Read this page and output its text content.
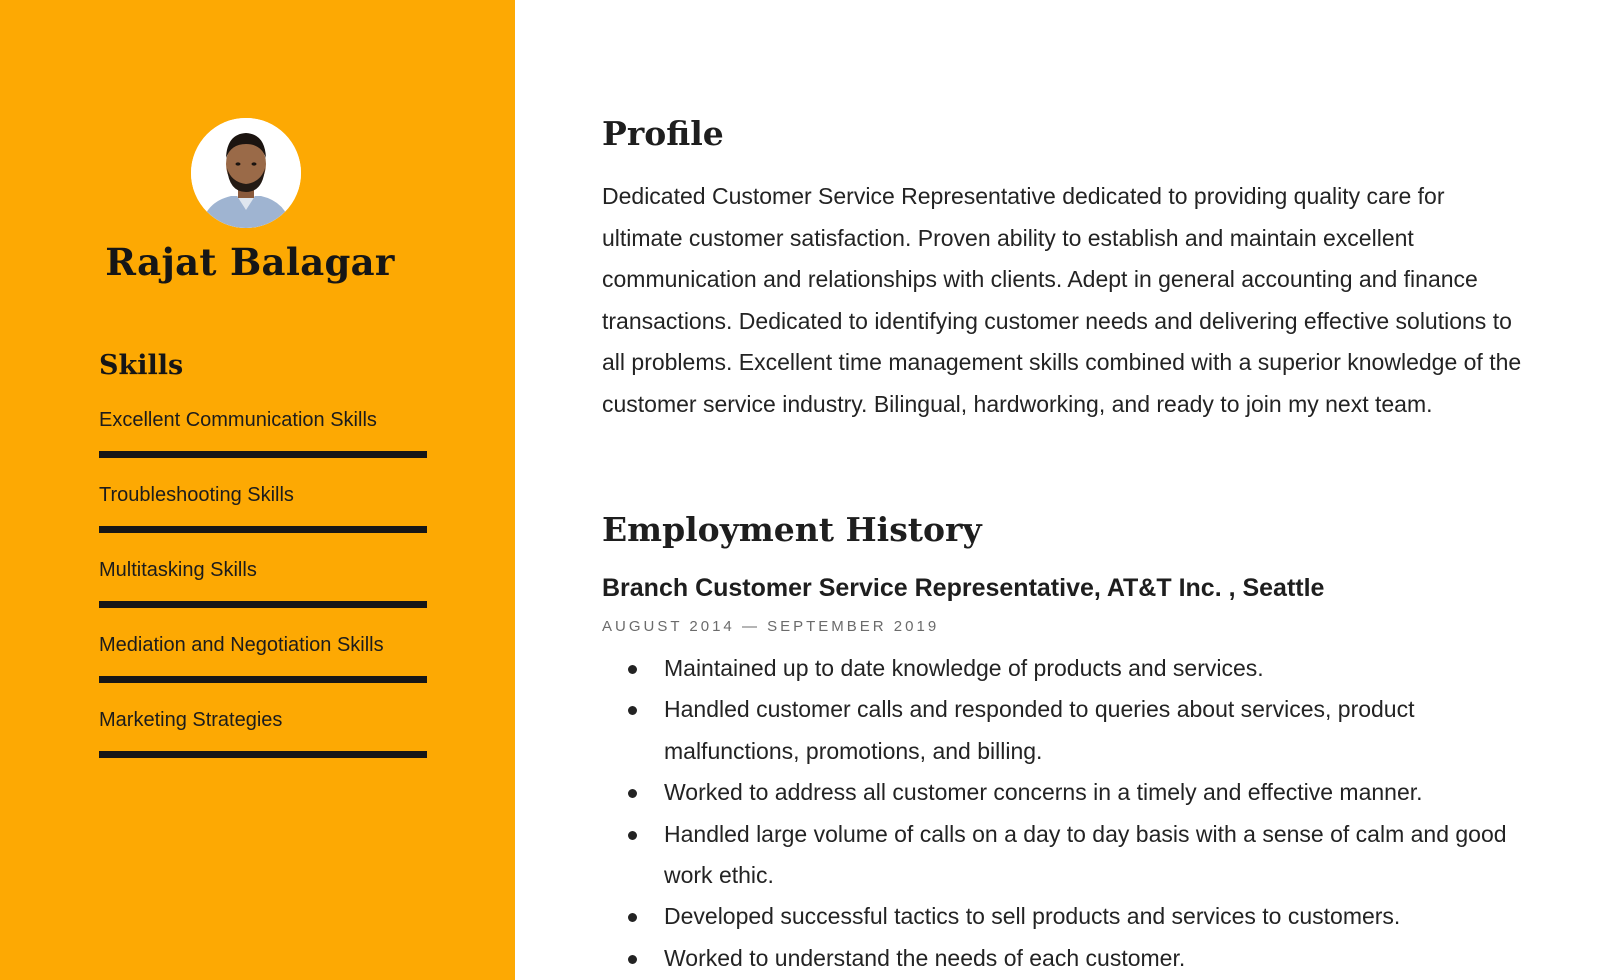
Rajat Balagar
Skills
Excellent Communication Skills
Troubleshooting Skills
Multitasking Skills
Mediation and Negotiation Skills
Marketing Strategies
Profile
Dedicated Customer Service Representative dedicated to providing quality care for ultimate customer satisfaction. Proven ability to establish and maintain excellent communication and relationships with clients. Adept in general accounting and finance transactions. Dedicated to identifying customer needs and delivering effective solutions to all problems. Excellent time management skills combined with a superior knowledge of the customer service industry. Bilingual, hardworking, and ready to join my next team.
Employment History
Branch Customer Service Representative, AT&T Inc. , Seattle
AUGUST 2014 — SEPTEMBER 2019
Maintained up to date knowledge of products and services.
Handled customer calls and responded to queries about services, product malfunctions, promotions, and billing.
Worked to address all customer concerns in a timely and effective manner.
Handled large volume of calls on a day to day basis with a sense of calm and good work ethic.
Developed successful tactics to sell products and services to customers.
Worked to understand the needs of each customer.
